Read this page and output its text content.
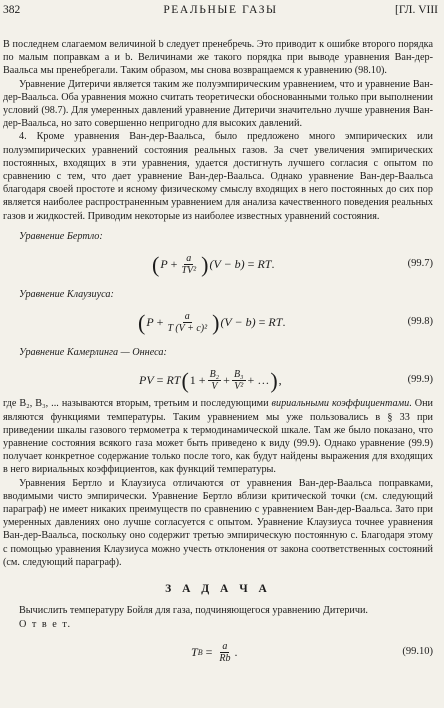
382	РЕАЛЬНЫЕ ГАЗЫ	[ГЛ. VIII

В последнем слагаемом величиной b следует пренебречь. Это приводит к ошибке второго порядка по малым поправкам a и b. Величинами же такого порядка при выводе уравнения Ван-дер-Ваальса мы пренебрегали. Таким образом, мы снова возвращаемся к уравнению (98.10).

Уравнение Дитеричи является таким же полуэмпирическим уравнением, что и уравнение Ван-дер-Ваальса. Оба уравнения можно считать теоретически обоснованными только при выполнении условий (98.7). Для умеренных давлений уравнение Дитеричи значительно лучше уравнения Ван-дер-Ваальса, но зато совершенно непригодно для высоких давлений.

4. Кроме уравнения Ван-дер-Ваальса, было предложено много эмпирических или полуэмпирических уравнений состояния реальных газов. За счет увеличения эмпирических постоянных, входящих в эти уравнения, удается достигнуть лучшего согласия с опытом по сравнению с тем, что дает уравнение Ван-дер-Ваальса. Однако уравнение Ван-дер-Ваальса благодаря своей простоте и ясному физическому смыслу входящих в него постоянных до сих пор является наиболее распространенным уравнением для анализа качественного поведения реальных газов и жидкостей. Приводим некоторые из наиболее известных уравнений состояния.

Уравнение Бертло:
( $P + \frac{a}{\text{TV²}}$ ) (V − b) = RT .	(99.7)
Уравнение Клаузиуса:
( $P + \frac{a}{\text{T (V + c)²}}$ ) (V − b) = RT .	(99.8)
Уравнение Камерлинга — Оннеса:
PV = RT ( $1 + \frac{\text{B₂}}{V} + \frac{\text{B₃}}{\text{V²}}$ + … ) ,	(99.9)

где B₂, B₃, ... называются вторым, третьим и последующими вириальными коэффициентами. Они являются функциями температуры. Таким уравнением мы уже пользовались в § 33 при приведении шкалы газового термометра к термодинамической шкале. Там же было показано, что уравнение состояния всякого газа может быть приведено к виду (99.9). Однако уравнение (99.9) получает конкретное содержание только после того, как будут найдены выражения для входящих в него вириальных коэффициентов, как функций температуры.

Уравнения Бертло и Клаузиуса отличаются от уравнения Ван-дер-Ваальса поправками, вводимыми чисто эмпирически. Уравнение Бертло вблизи критической точки (см. следующий параграф) не имеет никаких преимуществ по сравнению с уравнением Ван-дер-Ваальса. Зато при умеренных давлениях оно лучше согласуется с опытом. Уравнение Клаузиуса точнее уравнения Ван-дер-Ваальса, поскольку оно содержит третью эмпирическую постоянную c. Благодаря этому с помощью уравнения Клаузиуса можно учесть отклонения от закона соответственных состояний (см. следующий параграф).

З А Д А Ч А

Вычислить температуру Бойля для газа, подчиняющегося уравнению Дитеричи.

О т в е т.

T $B = \frac{a}{Rb}$ .	(99.10)
